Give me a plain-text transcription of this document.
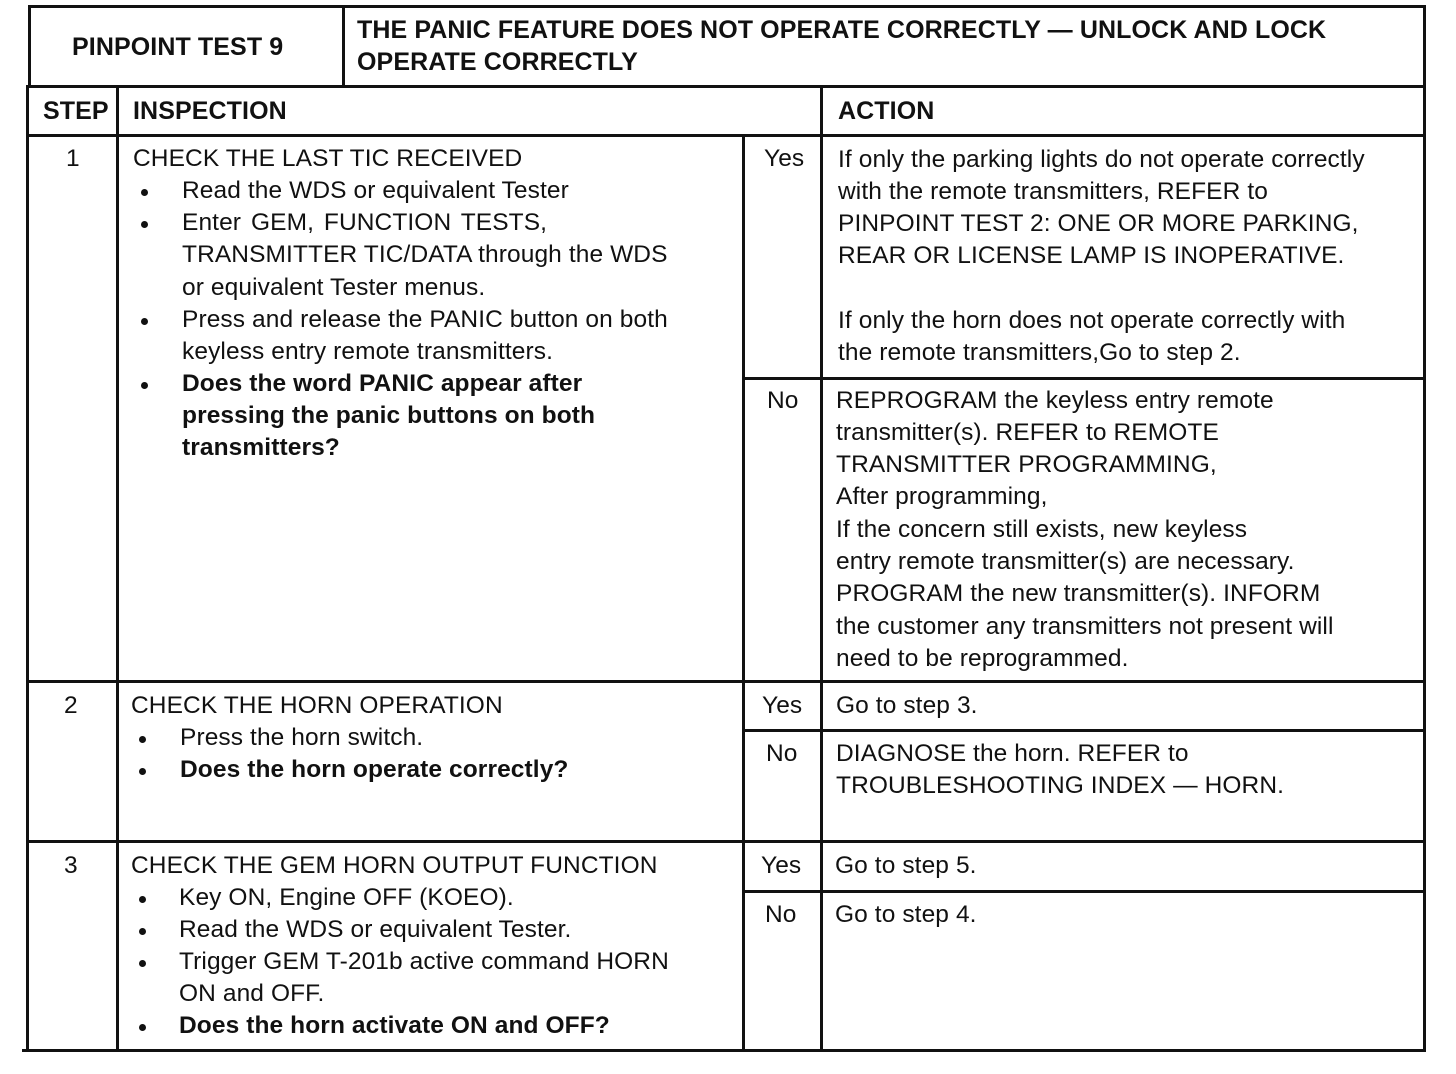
PINPOINT TEST 9
THE PANIC FEATURE DOES NOT OPERATE CORRECTLY — UNLOCK AND LOCK
OPERATE CORRECTLY
STEP INSPECTION	ACTION
1 CHECK THE LAST TIC RECEIVED
Read the WDS or equivalent Tester
Enter GEM, FUNCTION TESTS,
TRANSMITTER TIC/DATA through the WDS
or equivalent Tester menus.
Press and release the PANIC button on both
keyless entry remote transmitters.
Does the word PANIC appear after
pressing the panic buttons on both
transmitters?
Yes If only the parking lights do not operate correctly
with the remote transmitters, REFER to
PINPOINT TEST 2: ONE OR MORE PARKING,
REAR OR LICENSE LAMP IS INOPERATIVE.
If only the horn does not operate correctly with
the remote transmitters,Go to step 2.
No REPROGRAM the keyless entry remote
transmitter(s). REFER to REMOTE
TRANSMITTER PROGRAMMING,
After programming,
If the concern still exists, new keyless
entry remote transmitter(s) are necessary.
PROGRAM the new transmitter(s). INFORM
the customer any transmitters not present will
need to be reprogrammed.
2 CHECK THE HORN OPERATION
Press the horn switch.
Does the horn operate correctly?
Yes Go to step 3.
No DIAGNOSE the horn. REFER to
TROUBLESHOOTING INDEX — HORN.
3 CHECK THE GEM HORN OUTPUT FUNCTION
Key ON, Engine OFF (KOEO).
Read the WDS or equivalent Tester.
Trigger GEM T-201b active command HORN
ON and OFF.
Does the horn activate ON and OFF?
Yes Go to step 5.
No Go to step 4.
